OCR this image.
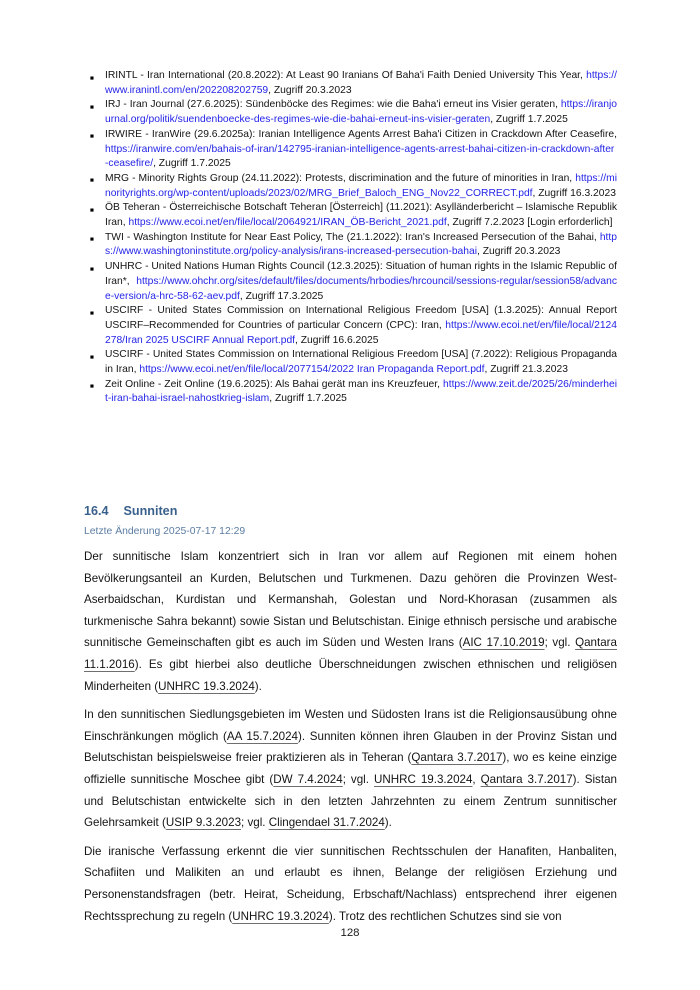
■ IRINTL - Iran International (20.8.2022): At Least 90 Iranians Of Baha'i Faith Denied University This Year, https://www.iranintl.com/en/202208202759, Zugriff 20.3.2023
■ IRJ - Iran Journal (27.6.2025): Sündenböcke des Regimes: wie die Baha'i erneut ins Visier geraten, https://iranjournal.org/politik/suendenboecke-des-regimes-wie-die-bahai-erneut-ins-visier-geraten, Zugriff 1.7.2025
■ IRWIRE - IranWire (29.6.2025a): Iranian Intelligence Agents Arrest Baha'i Citizen in Crackdown After Ceasefire, https://iranwire.com/en/bahais-of-iran/142795-iranian-intelligence-agents-arrest-bahai-citizen-in-crackdown-after-ceasefire/, Zugriff 1.7.2025
■ MRG - Minority Rights Group (24.11.2022): Protests, discrimination and the future of minorities in Iran, https://minorityrights.org/wp-content/uploads/2023/02/MRG_Brief_Baloch_ENG_Nov22_CORRECT.pdf, Zugriff 16.3.2023
■ ÖB Teheran - Österreichische Botschaft Teheran [Österreich] (11.2021): Asylländerbericht – Islamische Republik Iran, https://www.ecoi.net/en/file/local/2064921/IRAN_ÖB-Bericht_2021.pdf, Zugriff 7.2.2023 [Login erforderlich]
■ TWI - Washington Institute for Near East Policy, The (21.1.2022): Iran's Increased Persecution of the Bahai, https://www.washingtoninstitute.org/policy-analysis/irans-increased-persecution-bahai, Zugriff 20.3.2023
■ UNHRC - United Nations Human Rights Council (12.3.2025): Situation of human rights in the Islamic Republic of Iran*, https://www.ohchr.org/sites/default/files/documents/hrbodies/hrcouncil/sessions-regular/session58/advance-version/a-hrc-58-62-aev.pdf, Zugriff 17.3.2025
■ USCIRF - United States Commission on International Religious Freedom [USA] (1.3.2025): Annual Report USCIRF–Recommended for Countries of particular Concern (CPC): Iran, https://www.ecoi.net/en/file/local/2124278/Iran 2025 USCIRF Annual Report.pdf, Zugriff 16.6.2025
■ USCIRF - United States Commission on International Religious Freedom [USA] (7.2022): Religious Propaganda in Iran, https://www.ecoi.net/en/file/local/2077154/2022 Iran Propaganda Report.pdf, Zugriff 21.3.2023
■ Zeit Online - Zeit Online (19.6.2025): Als Bahai gerät man ins Kreuzfeuer, https://www.zeit.de/2025/26/minderheit-iran-bahai-israel-nahostkrieg-islam, Zugriff 1.7.2025
16.4 Sunniten
Letzte Änderung 2025-07-17 12:29

Der sunnitische Islam konzentriert sich in Iran vor allem auf Regionen mit einem hohen Bevölkerungsanteil an Kurden, Belutschen und Turkmenen. Dazu gehören die Provinzen West-Aserbaidschan, Kurdistan und Kermanshah, Golestan und Nord-Khorasan (zusammen als turkmenische Sahra bekannt) sowie Sistan und Belutschistan. Einige ethnisch persische und arabische sunnitische Gemeinschaften gibt es auch im Süden und Westen Irans (AIC 17.10.2019; vgl. Qantara 11.1.2016). Es gibt hierbei also deutliche Überschneidungen zwischen ethnischen und religiösen Minderheiten (UNHRC 19.3.2024).

In den sunnitischen Siedlungsgebieten im Westen und Südosten Irans ist die Religionsausübung ohne Einschränkungen möglich (AA 15.7.2024). Sunniten können ihren Glauben in der Provinz Sistan und Belutschistan beispielsweise freier praktizieren als in Teheran (Qantara 3.7.2017), wo es keine einzige offizielle sunnitische Moschee gibt (DW 7.4.2024; vgl. UNHRC 19.3.2024, Qantara 3.7.2017). Sistan und Belutschistan entwickelte sich in den letzten Jahrzehnten zu einem Zentrum sunnitischer Gelehrsamkeit (USIP 9.3.2023; vgl. Clingendael 31.7.2024).

Die iranische Verfassung erkennt die vier sunnitischen Rechtsschulen der Hanafiten, Hanbaliten, Schafiiten und Malikiten an und erlaubt es ihnen, Belange der religiösen Erziehung und Personenstandsfragen (betr. Heirat, Scheidung, Erbschaft/Nachlass) entsprechend ihrer eigenen Rechtssprechung zu regeln (UNHRC 19.3.2024). Trotz des rechtlichen Schutzes sind sie von

128
